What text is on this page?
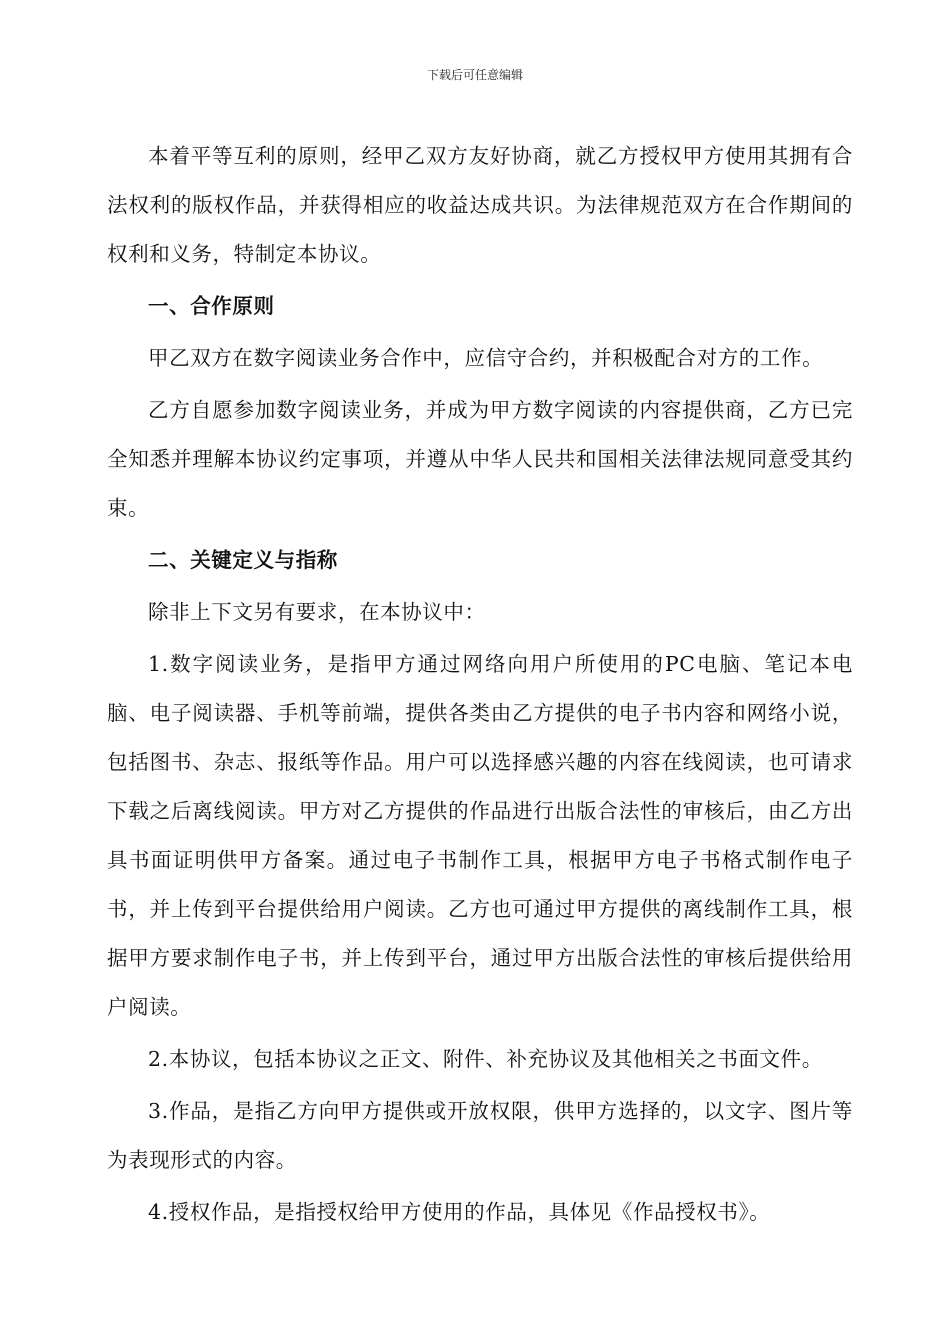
下载后可任意编辑

本着平等互利的原则，经甲乙双方友好协商，就乙方授权甲方使用其拥有合法权利的版权作品，并获得相应的收益达成共识。为法律规范双方在合作期间的权利和义务，特制定本协议。

一、合作原则

甲乙双方在数字阅读业务合作中，应信守合约，并积极配合对方的工作。

乙方自愿参加数字阅读业务，并成为甲方数字阅读的内容提供商，乙方已完全知悉并理解本协议约定事项，并遵从中华人民共和国相关法律法规同意受其约束。

二、关键定义与指称

除非上下文另有要求，在本协议中：

1.数字阅读业务，是指甲方通过网络向用户所使用的PC电脑、笔记本电脑、电子阅读器、手机等前端，提供各类由乙方提供的电子书内容和网络小说，包括图书、杂志、报纸等作品。用户可以选择感兴趣的内容在线阅读，也可请求下载之后离线阅读。甲方对乙方提供的作品进行出版合法性的审核后，由乙方出具书面证明供甲方备案。通过电子书制作工具，根据甲方电子书格式制作电子书，并上传到平台提供给用户阅读。乙方也可通过甲方提供的离线制作工具，根据甲方要求制作电子书，并上传到平台，通过甲方出版合法性的审核后提供给用户阅读。

2.本协议，包括本协议之正文、附件、补充协议及其他相关之书面文件。

3.作品，是指乙方向甲方提供或开放权限，供甲方选择的，以文字、图片等为表现形式的内容。

4.授权作品，是指授权给甲方使用的作品，具体见《作品授权书》。
